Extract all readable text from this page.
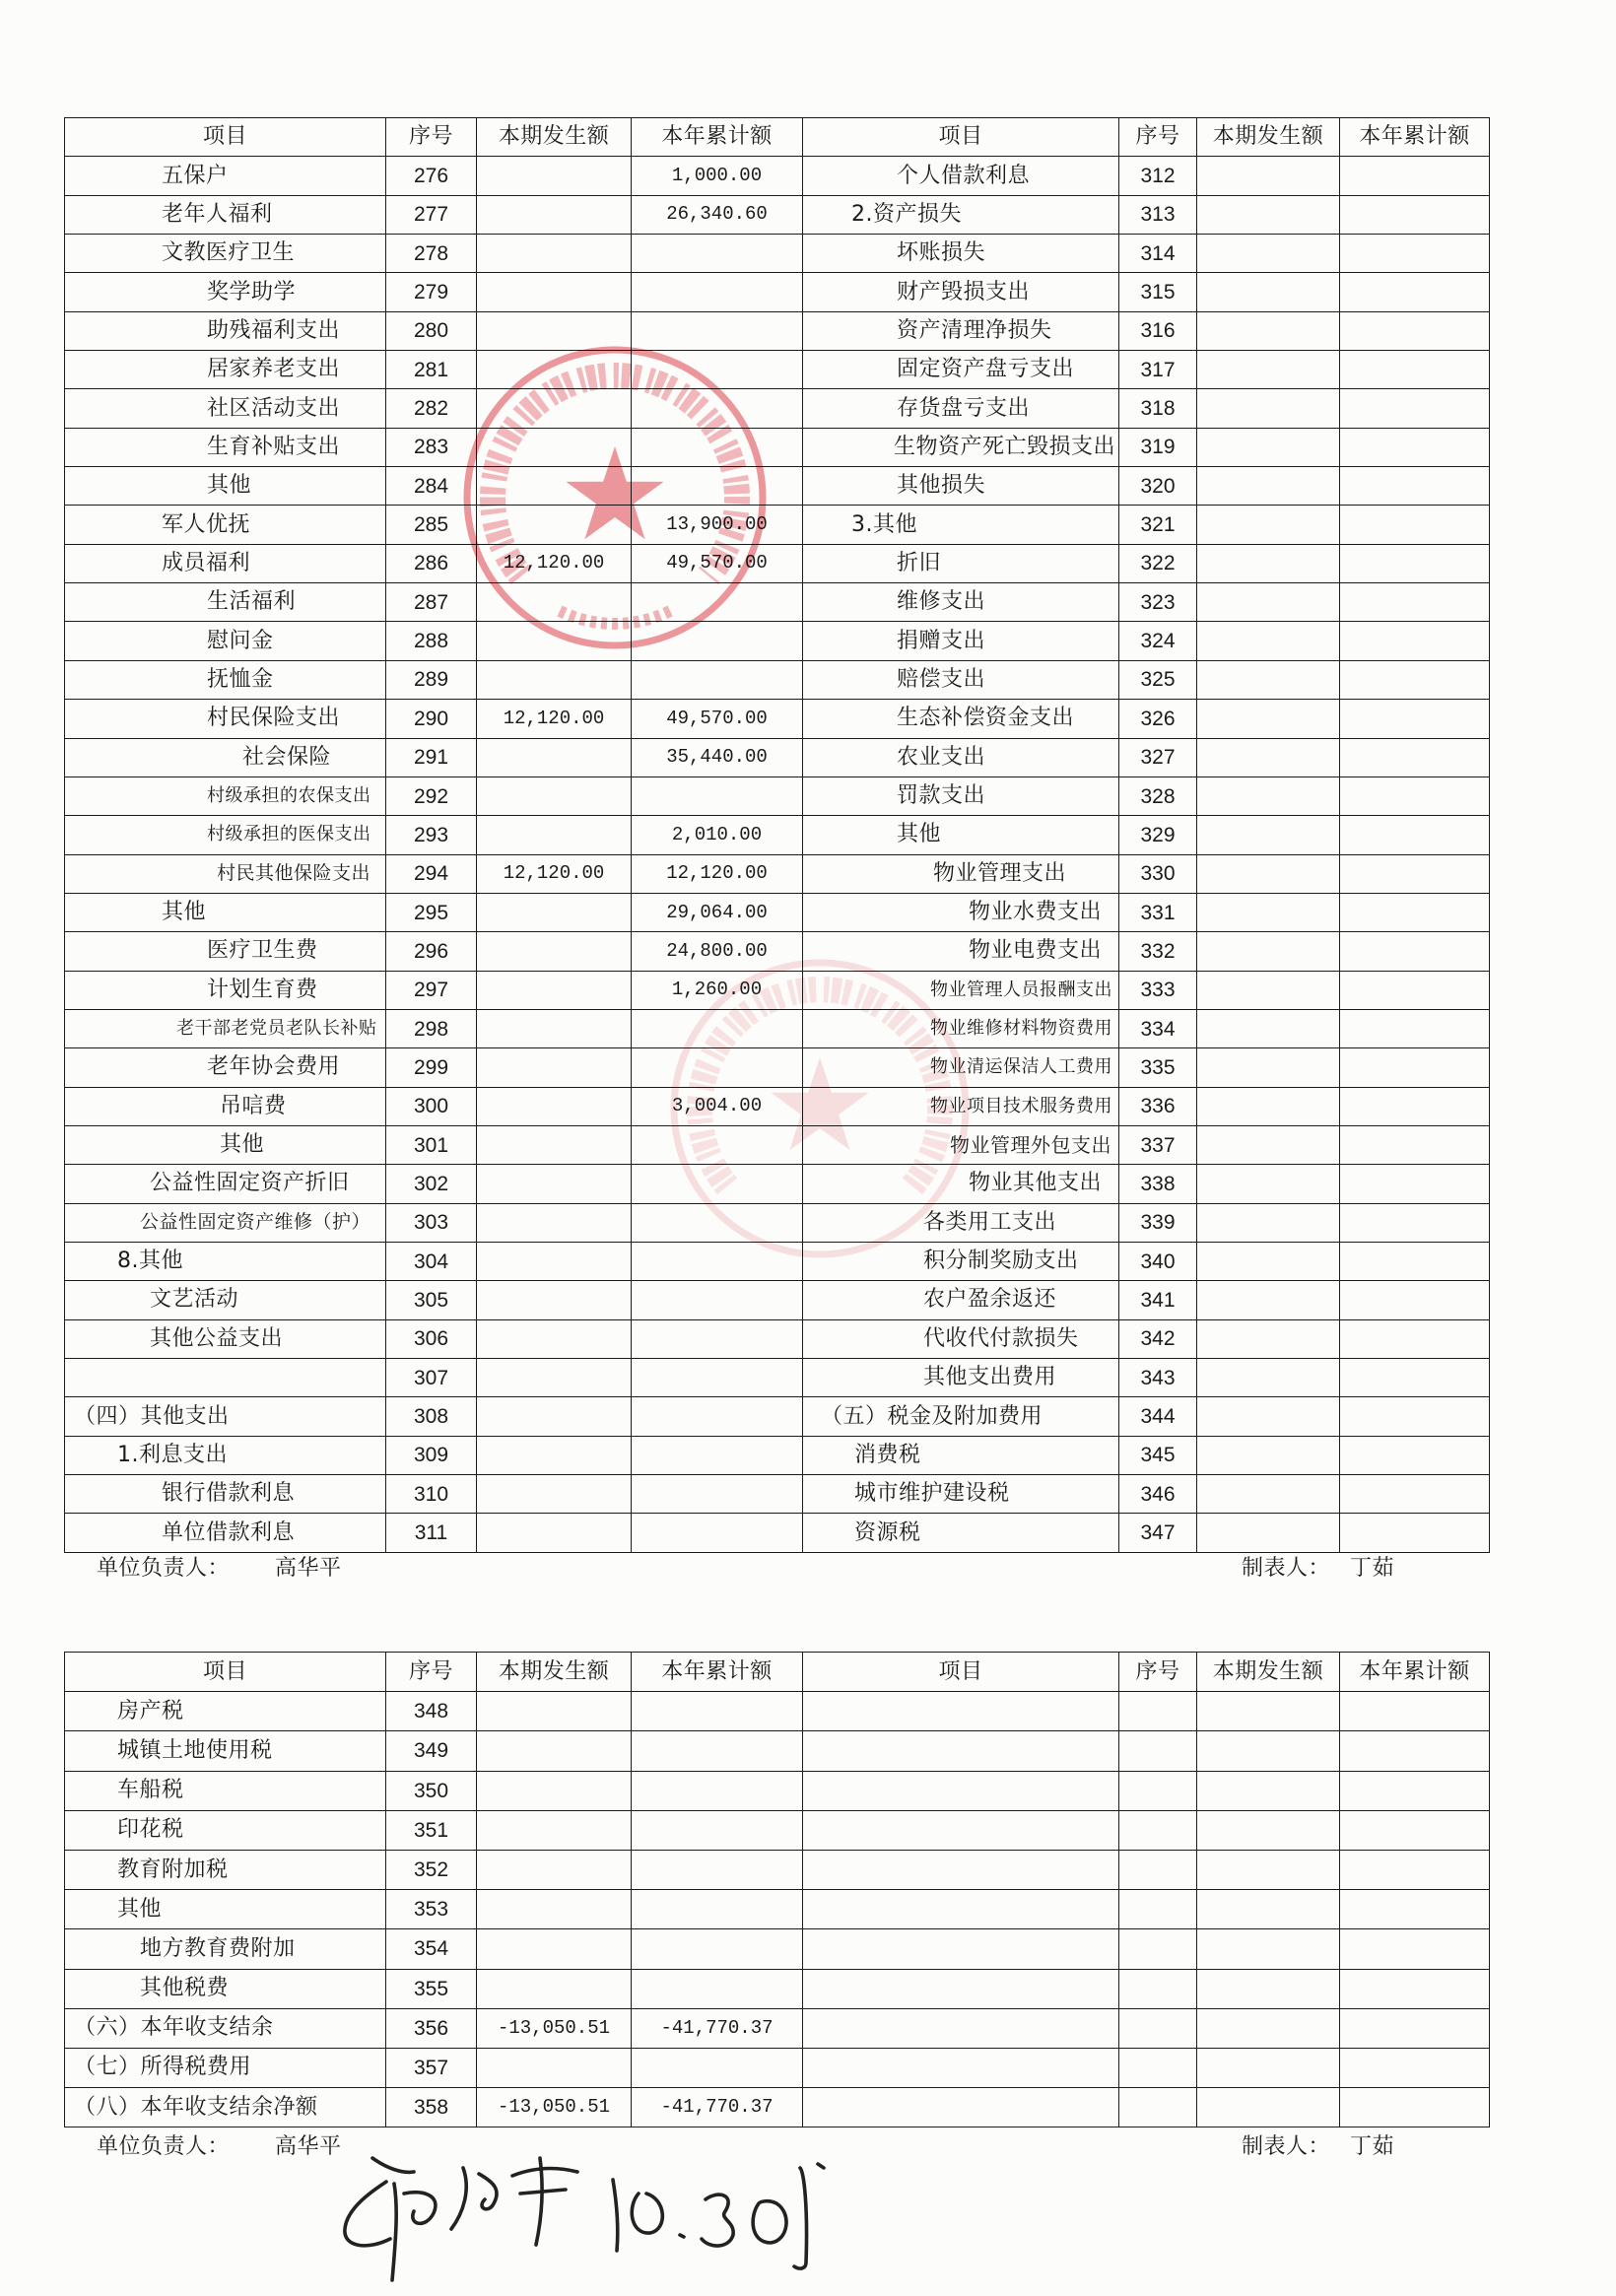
项目	序号	本期发生额	本年累计额	项目	序号	本期发生额	本年累计额
五保户	276		1,000.00	个人借款利息	312		
老年人福利	277		26,340.60	2.资产损失	313		
文教医疗卫生	278			坏账损失	314		
奖学助学	279			财产毁损支出	315		
助残福利支出	280			资产清理净损失	316		
居家养老支出	281			固定资产盘亏支出	317		
社区活动支出	282			存货盘亏支出	318		
生育补贴支出	283			生物资产死亡毁损支出	319		
其他	284			其他损失	320		
军人优抚	285		13,900.00	3.其他	321		
成员福利	286	12,120.00	49,570.00	折旧	322		
生活福利	287			维修支出	323		
慰问金	288			捐赠支出	324		
抚恤金	289			赔偿支出	325		
村民保险支出	290	12,120.00	49,570.00	生态补偿资金支出	326		
社会保险	291		35,440.00	农业支出	327		
村级承担的农保支出	292			罚款支出	328		
村级承担的医保支出	293		2,010.00	其他	329		
村民其他保险支出	294	12,120.00	12,120.00	物业管理支出	330		
其他	295		29,064.00	物业水费支出	331		
医疗卫生费	296		24,800.00	物业电费支出	332		
计划生育费	297		1,260.00	物业管理人员报酬支出	333		
老干部老党员老队长补贴	298			物业维修材料物资费用	334		
老年协会费用	299			物业清运保洁人工费用	335		
吊唁费	300		3,004.00	物业项目技术服务费用	336		
其他	301			物业管理外包支出	337		
公益性固定资产折旧	302			物业其他支出	338		
公益性固定资产维修（护）	303			各类用工支出	339		
8.其他	304			积分制奖励支出	340		
文艺活动	305			农户盈余返还	341		
其他公益支出	306			代收代付款损失	342		
	307			其他支出费用	343		
（四）其他支出	308			（五）税金及附加费用	344		
1.利息支出	309			消费税	345		
银行借款利息	310			城市维护建设税	346		
单位借款利息	311			资源税	347		
单位负责人： 高华平	制表人： 丁茹
项目	序号	本期发生额	本年累计额	项目	序号	本期发生额	本年累计额
房产税	348						
城镇土地使用税	349						
车船税	350						
印花税	351						
教育附加税	352						
其他	353						
地方教育费附加	354						
其他税费	355						
（六）本年收支结余	356	-13,050.51	-41,770.37				
（七）所得税费用	357						
（八）本年收支结余净额	358	-13,050.51	-41,770.37				
单位负责人： 高华平	制表人： 丁茹
